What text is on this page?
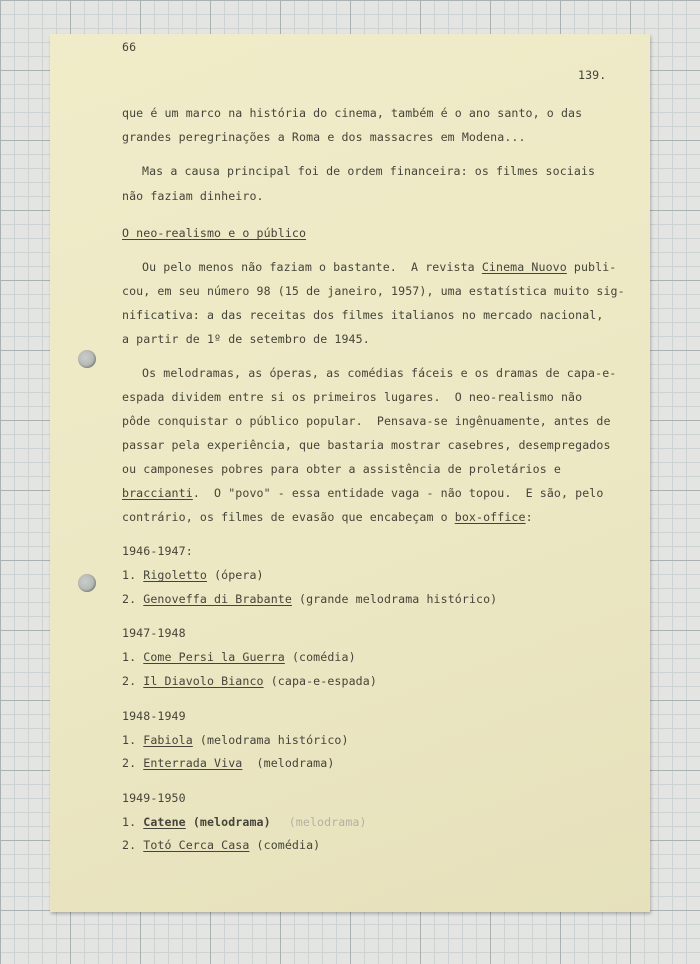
66
139.
que é um marco na história do cinema, também é o ano santo, o das
grandes peregrinações a Roma e dos massacres em Modena...
Mas a causa principal foi de ordem financeira: os filmes sociais
não faziam dinheiro.
O neo-realismo e o público
Ou pelo menos não faziam o bastante.  A revista Cinema Nuovo publi-
cou, em seu número 98 (15 de janeiro, 1957), uma estatística muito sig-
nificativa: a das receitas dos filmes italianos no mercado nacional,
a partir de 1º de setembro de 1945.
Os melodramas, as óperas, as comédias fáceis e os dramas de capa-e-
espada dividem entre si os primeiros lugares.  O neo-realismo não
pôde conquistar o público popular.  Pensava-se ingênuamente, antes de
passar pela experiência, que bastaria mostrar casebres, desempregados
ou camponeses pobres para obter a assistência de proletários e
braccianti.  O "povo" - essa entidade vaga - não topou.  E são, pelo
contrário, os filmes de evasão que encabeçam o box-office:
1946-1947:
1. Rigoletto (ópera)
2. Genoveffa di Brabante (grande melodrama histórico)
1947-1948
1. Come Persi la Guerra (comédia)
2. Il Diavolo Bianco (capa-e-espada)
1948-1949
1. Fabiola (melodrama histórico)
2. Enterrada Viva  (melodrama)
1949-1950
1. Catene (melodrama) (melodrama)
2. Totó Cerca Casa (comédia)
